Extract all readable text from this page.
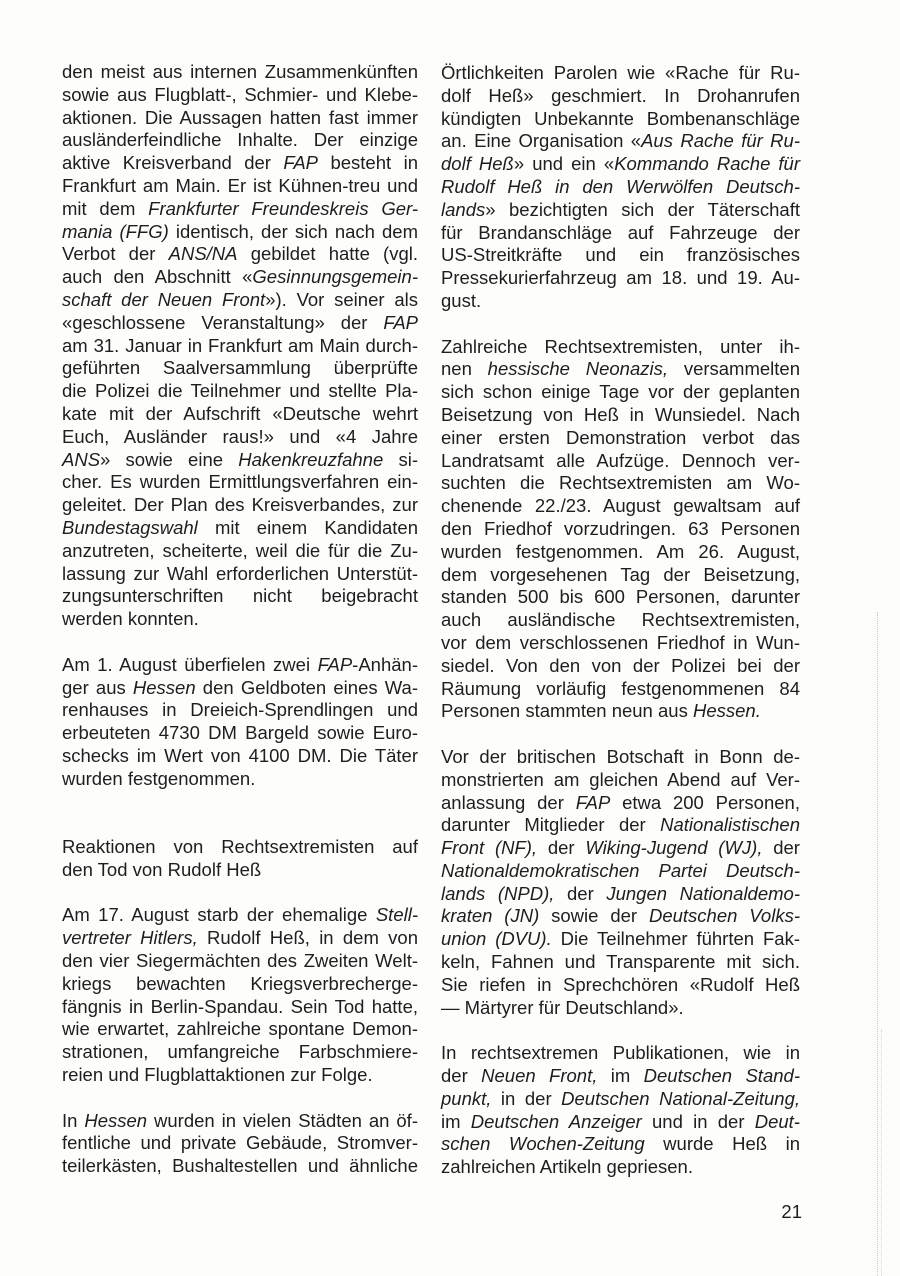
den meist aus internen Zusammenkünften
sowie aus Flugblatt-, Schmier- und Klebe-
aktionen. Die Aussagen hatten fast immer
ausländerfeindliche Inhalte. Der einzige
aktive Kreisverband der FAP besteht in
Frankfurt am Main. Er ist Kühnen-treu und
mit dem Frankfurter Freundeskreis Ger-
mania (FFG) identisch, der sich nach dem
Verbot der ANS/NA gebildet hatte (vgl.
auch den Abschnitt «Gesinnungsgemein-
schaft der Neuen Front»). Vor seiner als
«geschlossene Veranstaltung» der FAP
am 31. Januar in Frankfurt am Main durch-
geführten Saalversammlung überprüfte
die Polizei die Teilnehmer und stellte Pla-
kate mit der Aufschrift «Deutsche wehrt
Euch, Ausländer raus!» und «4 Jahre
ANS» sowie eine Hakenkreuzfahne si-
cher. Es wurden Ermittlungsverfahren ein-
geleitet. Der Plan des Kreisverbandes, zur
Bundestagswahl mit einem Kandidaten
anzutreten, scheiterte, weil die für die Zu-
lassung zur Wahl erforderlichen Unterstüt-
zungsunterschriften nicht beigebracht
werden konnten.
Am 1. August überfielen zwei FAP-Anhän-
ger aus Hessen den Geldboten eines Wa-
renhauses in Dreieich-Sprendlingen und
erbeuteten 4730 DM Bargeld sowie Euro-
schecks im Wert von 4100 DM. Die Täter
wurden festgenommen.
Reaktionen von Rechtsextremisten auf
den Tod von Rudolf Heß
Am 17. August starb der ehemalige Stell-
vertreter Hitlers, Rudolf Heß, in dem von
den vier Siegermächten des Zweiten Welt-
kriegs bewachten Kriegsverbrecherge-
fängnis in Berlin-Spandau. Sein Tod hatte,
wie erwartet, zahlreiche spontane Demon-
strationen, umfangreiche Farbschmiere-
reien und Flugblattaktionen zur Folge.
In Hessen wurden in vielen Städten an öf-
fentliche und private Gebäude, Stromver-
teilerkästen, Bushaltestellen und ähnliche
Örtlichkeiten Parolen wie «Rache für Ru-
dolf Heß» geschmiert. In Drohanrufen
kündigten Unbekannte Bombenanschläge
an. Eine Organisation «Aus Rache für Ru-
dolf Heß» und ein «Kommando Rache für
Rudolf Heß in den Werwölfen Deutsch-
lands» bezichtigten sich der Täterschaft
für Brandanschläge auf Fahrzeuge der
US-Streitkräfte und ein französisches
Pressekurierfahrzeug am 18. und 19. Au-
gust.
Zahlreiche Rechtsextremisten, unter ih-
nen hessische Neonazis, versammelten
sich schon einige Tage vor der geplanten
Beisetzung von Heß in Wunsiedel. Nach
einer ersten Demonstration verbot das
Landratsamt alle Aufzüge. Dennoch ver-
suchten die Rechtsextremisten am Wo-
chenende 22./23. August gewaltsam auf
den Friedhof vorzudringen. 63 Personen
wurden festgenommen. Am 26. August,
dem vorgesehenen Tag der Beisetzung,
standen 500 bis 600 Personen, darunter
auch ausländische Rechtsextremisten,
vor dem verschlossenen Friedhof in Wun-
siedel. Von den von der Polizei bei der
Räumung vorläufig festgenommenen 84
Personen stammten neun aus Hessen.
Vor der britischen Botschaft in Bonn de-
monstrierten am gleichen Abend auf Ver-
anlassung der FAP etwa 200 Personen,
darunter Mitglieder der Nationalistischen
Front (NF), der Wiking-Jugend (WJ), der
Nationaldemokratischen Partei Deutsch-
lands (NPD), der Jungen Nationaldemo-
kraten (JN) sowie der Deutschen Volks-
union (DVU). Die Teilnehmer führten Fak-
keln, Fahnen und Transparente mit sich.
Sie riefen in Sprechchören «Rudolf Heß
— Märtyrer für Deutschland».
In rechtsextremen Publikationen, wie in
der Neuen Front, im Deutschen Stand-
punkt, in der Deutschen National-Zeitung,
im Deutschen Anzeiger und in der Deut-
schen Wochen-Zeitung wurde Heß in
zahlreichen Artikeln gepriesen.
21
